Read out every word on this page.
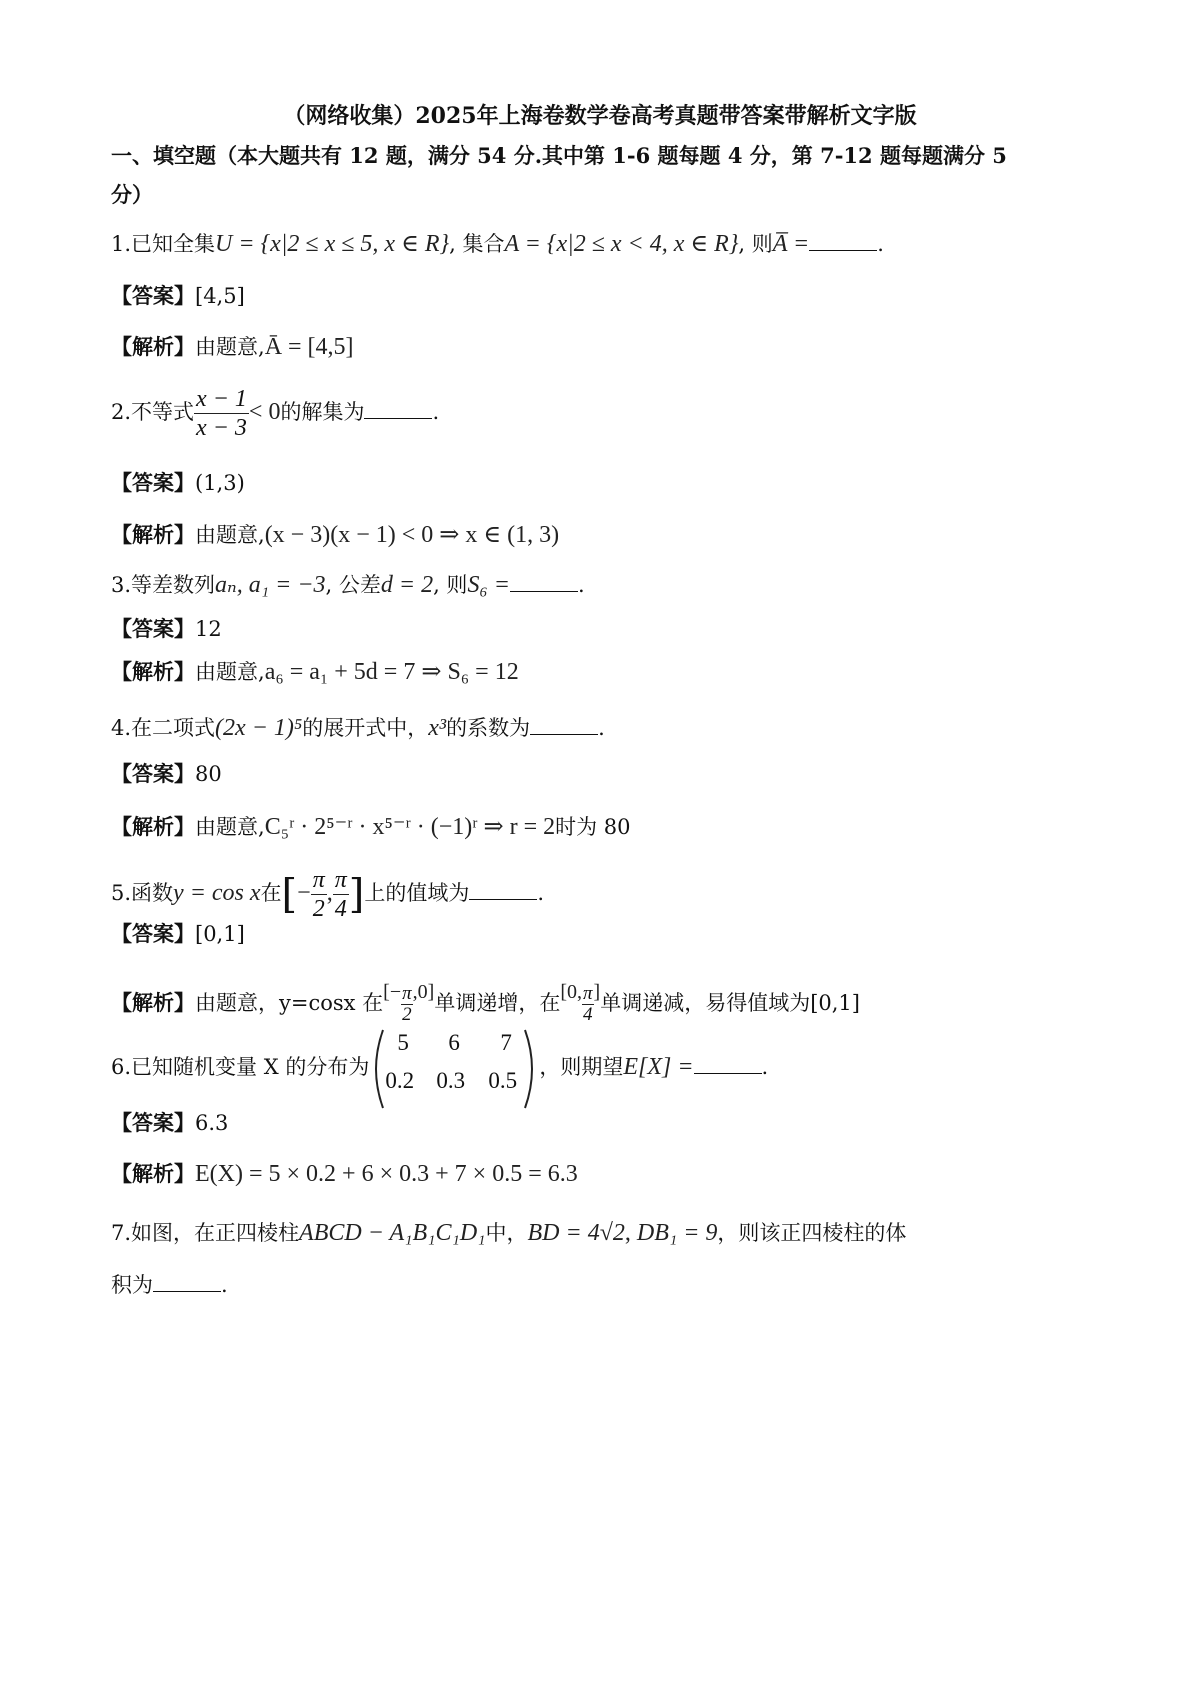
（网络收集）2025年上海卷数学卷高考真题带答案带解析文字版
一、填空题（本大题共有 12 题，满分 54 分.其中第 1-6 题每题 4 分，第 7-12 题每题满分 5
分）
1.已知全集U = {x|2 ≤ x ≤ 5, x ∈ R}, 集合A = {x|2 ≤ x < 4, x ∈ R}, 则A̅ =	.
【答案】[4,5]
【解析】由题意,Ā = [4,5]
2.不等式 $\frac{x - 1}{x - 3} < 0$的解集为	.
【答案】(1,3)
【解析】由题意,(x − 3)(x − 1) < 0 ⇒ x ∈ (1, 3)
3.等差数列aₙ, a₁ = −3, 公差d = 2, 则S₆ =	.
【答案】12
【解析】由题意,a₆ = a₁ + 5d = 7 ⇒ S₆ = 12
4.在二项式(2x − 1)⁵的展开式中，x³的系数为	.
【答案】80
【解析】由题意,C₅ʳ · 2⁵⁻ʳ · x⁵⁻ʳ · (−1)ʳ ⇒ r = 2时为 80
5.函数y = cos x在[− $\frac{\pi}{2}$ , $\frac{\pi}{4}$ ]上的值域为	.
【答案】[0,1]
【解析】由题意，y=cosx 在[− $\frac{\pi}{2} ,0$]单调递增，在[0, $\frac{\pi}{4}$ ]单调递减，易得值域为[0,1]
6.已知随机变量 X 的分布为
5 6 7
0.2 0.3 0.5
，则期望E[X] =	.
【答案】6.3
【解析】E(X) = 5 × 0.2 + 6 × 0.3 + 7 × 0.5 = 6.3
7.如图，在正四棱柱ABCD − A₁B₁C₁D₁中，BD = 4√2, DB₁ = 9，则该正四棱柱的体
积为	.
